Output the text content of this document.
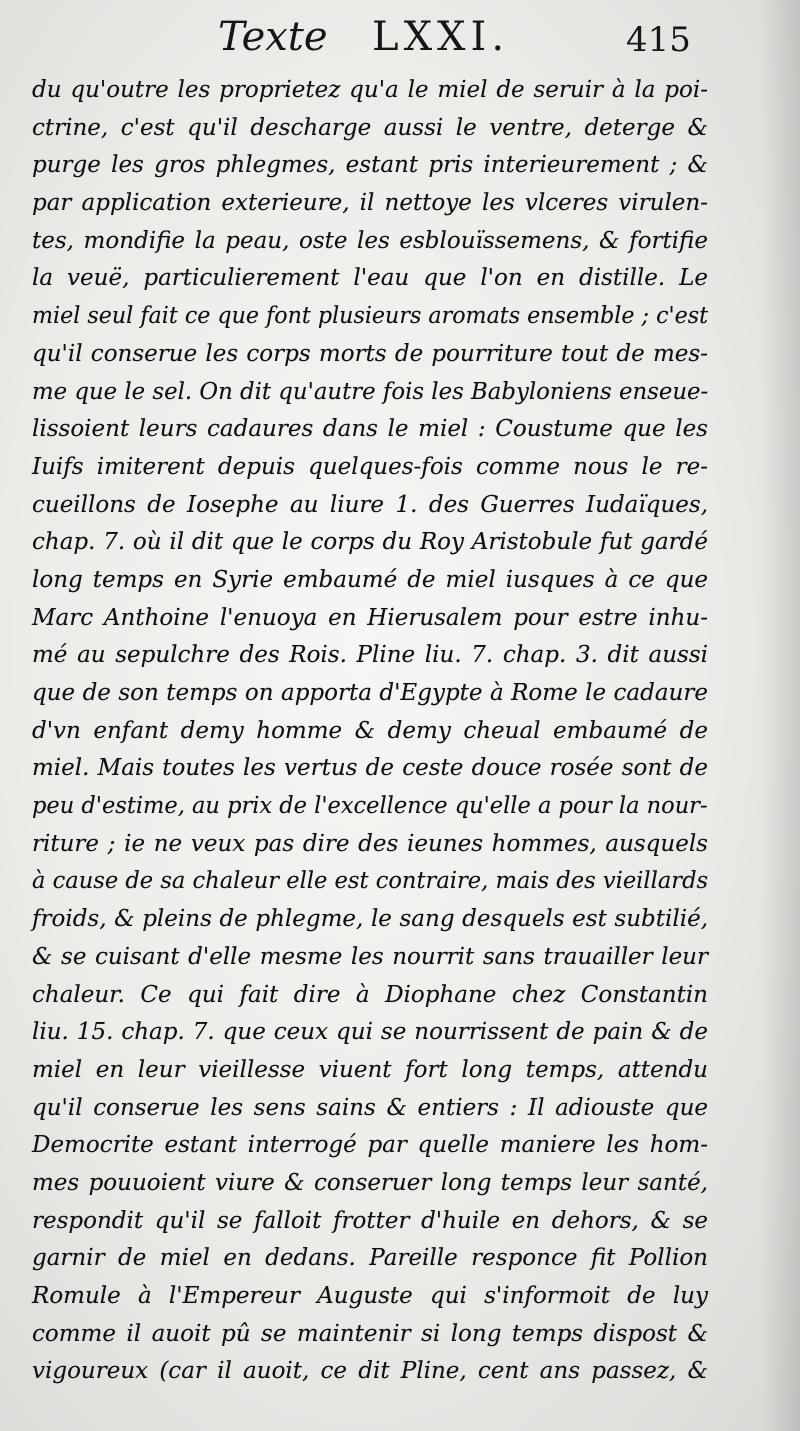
Texte LXXI.	415
du qu'outre les proprietez qu'a le miel de seruir à la poi-
ctrine, c'est qu'il descharge aussi le ventre, deterge &
purge les gros phlegmes, estant pris interieurement ; &
par application exterieure, il nettoye les vlceres virulen-
tes, mondifie la peau, oste les esblouïssemens, & fortifie
la veuë, particulierement l'eau que l'on en distille. Le
miel seul fait ce que font plusieurs aromats ensemble ; c'est
qu'il conserue les corps morts de pourriture tout de mes-
me que le sel. On dit qu'autre fois les Babyloniens enseue-
lissoient leurs cadaures dans le miel : Coustume que les
Iuifs imiterent depuis quelques-fois comme nous le re-
cueillons de Iosephe au liure 1. des Guerres Iudaïques,
chap. 7. où il dit que le corps du Roy Aristobule fut gardé
long temps en Syrie embaumé de miel iusques à ce que
Marc Anthoine l'enuoya en Hierusalem pour estre inhu-
mé au sepulchre des Rois. Pline liu. 7. chap. 3. dit aussi
que de son temps on apporta d'Egypte à Rome le cadaure
d'vn enfant demy homme & demy cheual embaumé de
miel. Mais toutes les vertus de ceste douce rosée sont de
peu d'estime, au prix de l'excellence qu'elle a pour la nour-
riture ; ie ne veux pas dire des ieunes hommes, ausquels
à cause de sa chaleur elle est contraire, mais des vieillards
froids, & pleins de phlegme, le sang desquels est subtilié,
& se cuisant d'elle mesme les nourrit sans trauailler leur
chaleur. Ce qui fait dire à Diophane chez Constantin
liu. 15. chap. 7. que ceux qui se nourrissent de pain & de
miel en leur vieillesse viuent fort long temps, attendu
qu'il conserue les sens sains & entiers : Il adiouste que
Democrite estant interrogé par quelle maniere les hom-
mes pouuoient viure & conseruer long temps leur santé,
respondit qu'il se falloit frotter d'huile en dehors, & se
garnir de miel en dedans. Pareille responce fit Pollion
Romule à l'Empereur Auguste qui s'informoit de luy
comme il auoit pû se maintenir si long temps dispost &
vigoureux (car il auoit, ce dit Pline, cent ans passez, &
